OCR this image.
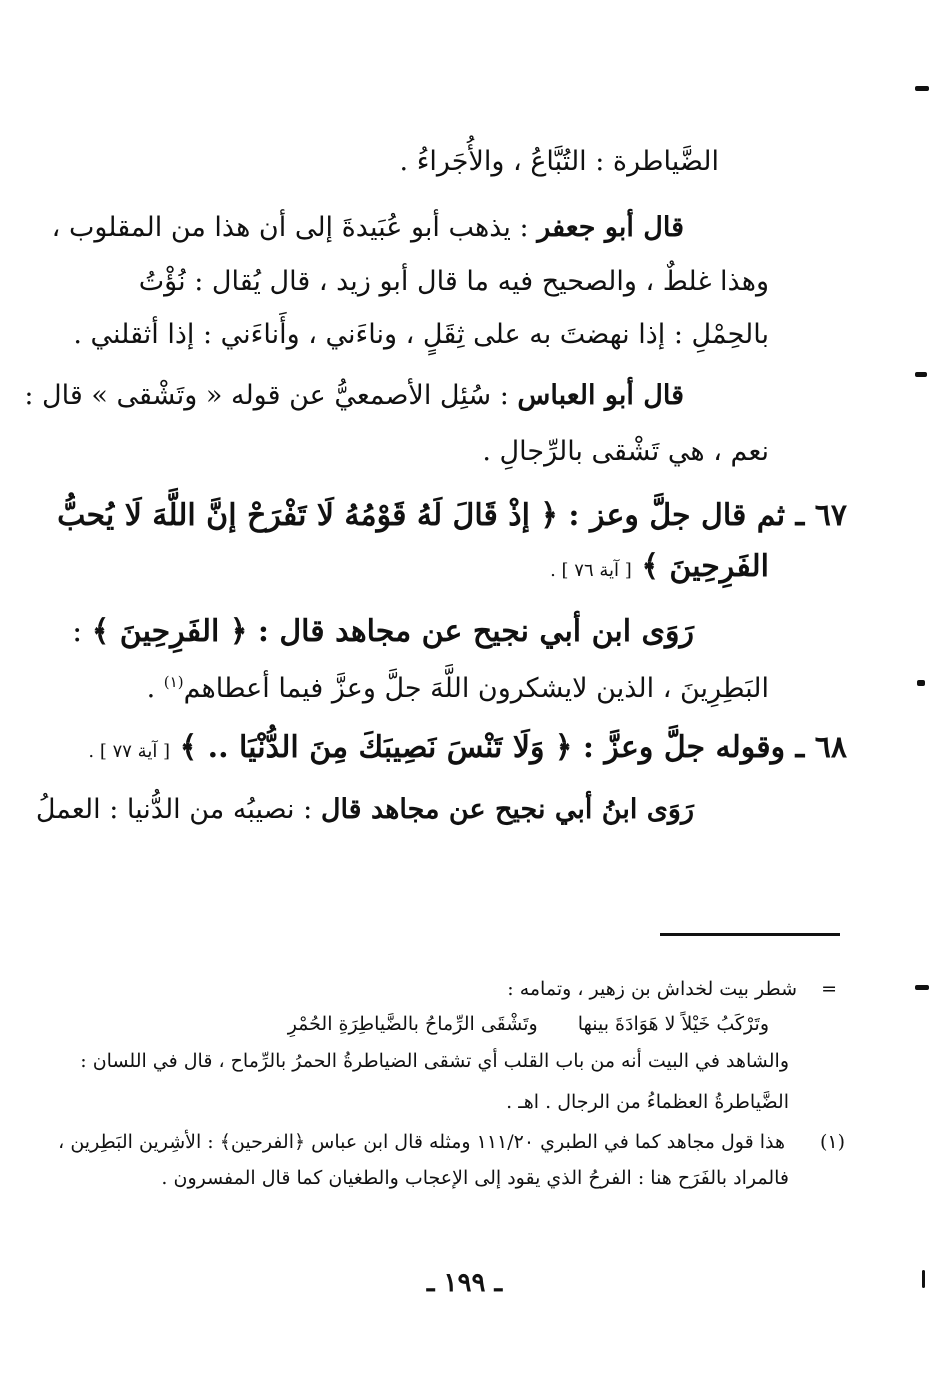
الضَّياطرة : التُبَّاعُ ، والأُجَراءُ .
قال أبو جعفر : يذهب أبو عُبَيدةَ إلى أن هذا من المقلوب ،
وهذا غلطٌ ، والصحيح فيه ما قال أبو زيد ، قال يُقال : نُؤْتُ
بالحِمْلِ : إذا نهضتَ به على ثِقَلٍ ، وناءَني ، وأَناءَني : إذا أثقلني .
قال أبو العباس : سُئِل الأصمعيُّ عن قوله « وتَشْقى » قال :
نعم ، هي تَشْقى بالرِّجالِ .
٦٧ ـ ثم قال جلَّ وعز : ﴿ إذْ قَالَ لَهُ قَوْمُهُ لَا تَفْرَحْ إنَّ اللَّهَ لَا يُحبُّ
الفَرِحِينَ ﴾ [ آية ٧٦ ] .
رَوَى ابن أبي نجيح عن مجاهد قال : ﴿ الفَرِحِينَ ﴾ :
البَطِرِينَ ، الذين لايشكرون اللَّهَ جلَّ وعزَّ فيما أعطاهم$^{(١)}$ .
٦٨ ـ وقوله جلَّ وعزَّ : ﴿ وَلَا تَنْسَ نَصِيبَكَ مِنَ الدُّنْيَا .. ﴾ [ آية ٧٧ ] .
رَوَى ابنُ أبي نجيح عن مجاهد قال : نصيبُه من الدُّنيا : العملُ
=شطر بيت لخداش بن زهير ، وتمامه :
وتَرْكَبُ خَيْلاً لا هَوَادَةَ بينهاوتَشْقَى الرِّماحُ بالضَّياطِرَةِ الحُمْرِ
والشاهد في البيت أنه من باب القلب أي تشقى الضياطرةُ الحمرُ بالرِّماح ، قال في اللسان :
الضَّياطرةُ العظماءُ من الرجال . اهـ .
(١)هذا قول مجاهد كما في الطبري ١١١/٢٠ ومثله قال ابن عباس ﴿الفرحين﴾ : الأشِرين البَطِرين ،
فالمراد بالفَرَح هنا : الفرحُ الذي يقود إلى الإعجاب والطغيان كما قال المفسرون .
ـ ١٩٩ ـ
